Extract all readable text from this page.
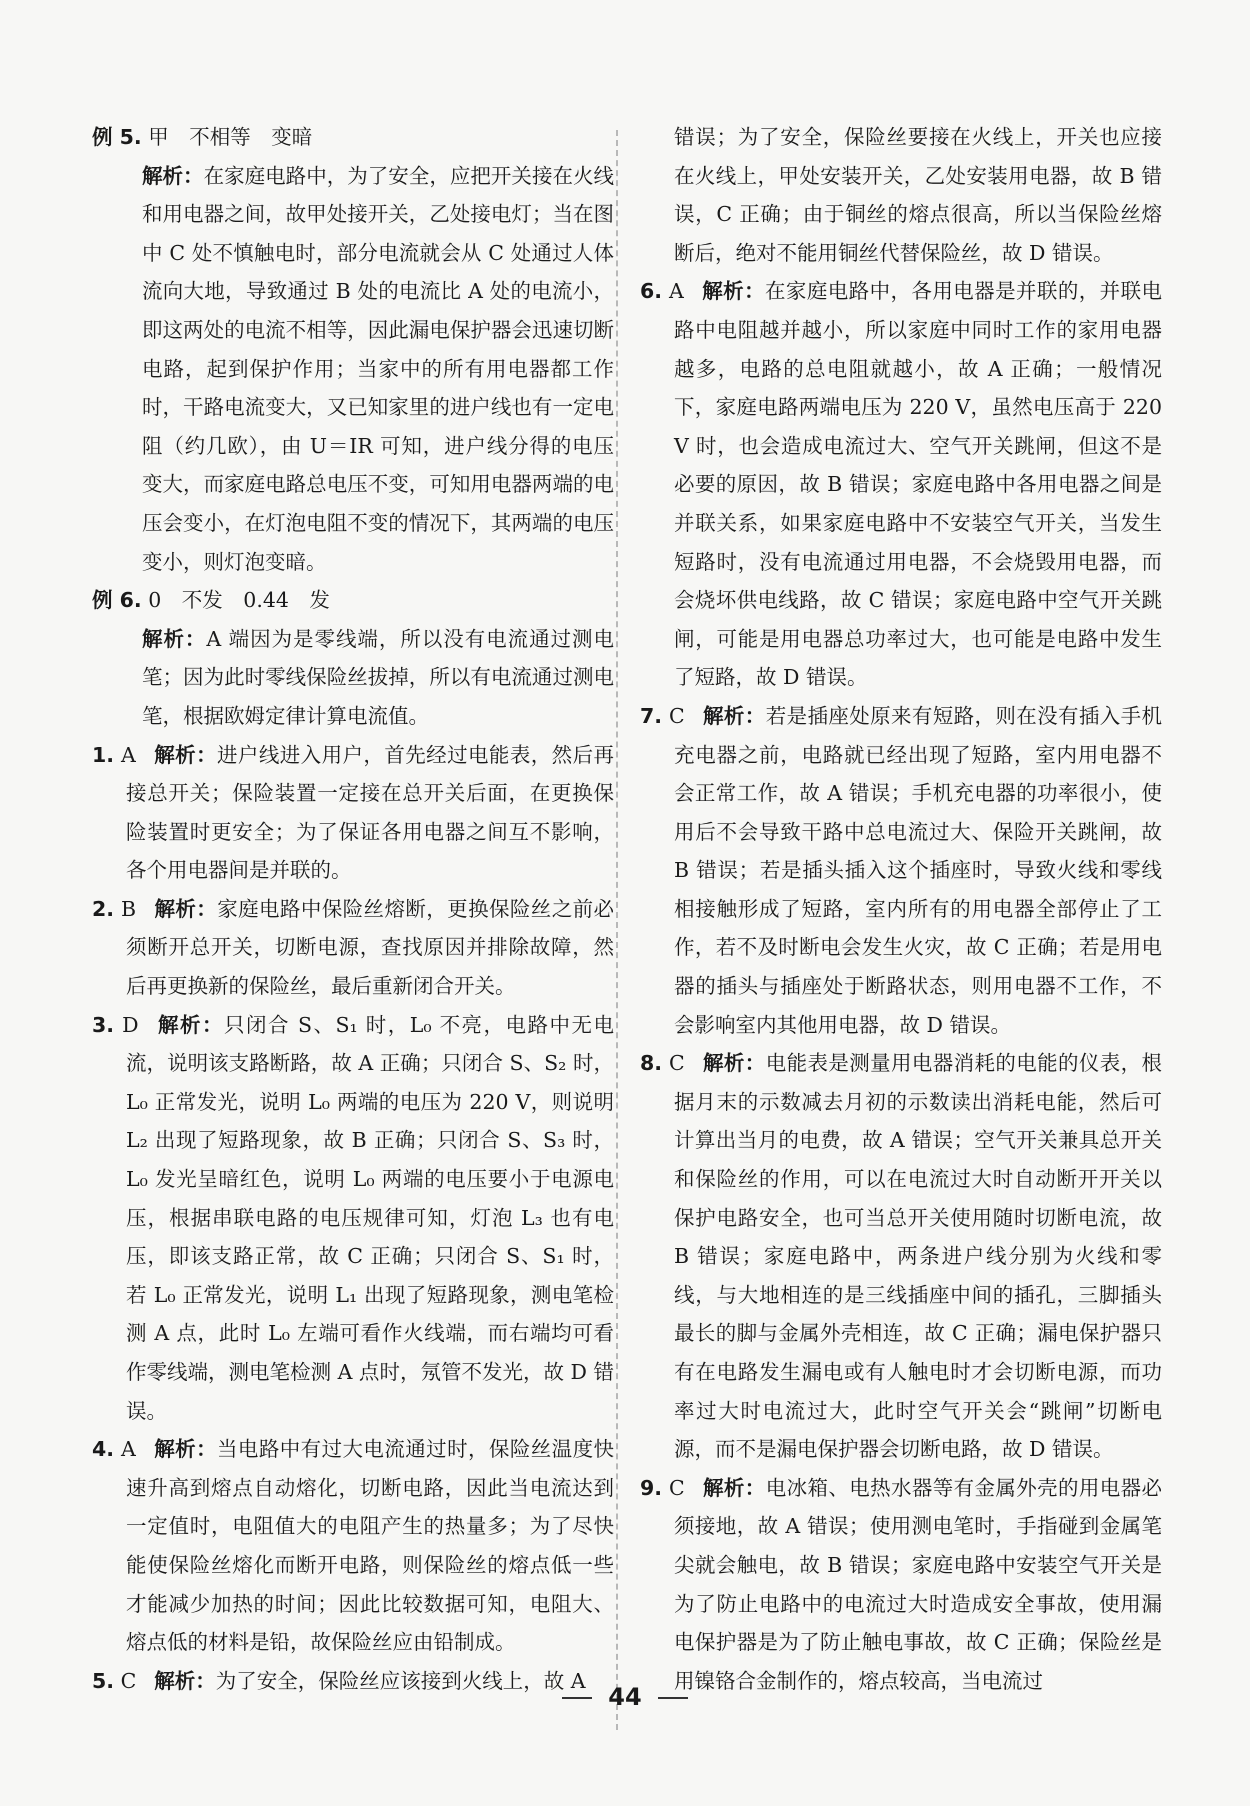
例 5. 甲　不相等　变暗

解析：在家庭电路中，为了安全，应把开关接在火线和用电器之间，故甲处接开关，乙处接电灯；当在图中 C 处不慎触电时，部分电流就会从 C 处通过人体流向大地，导致通过 B 处的电流比 A 处的电流小，即这两处的电流不相等，因此漏电保护器会迅速切断电路，起到保护作用；当家中的所有用电器都工作时，干路电流变大，又已知家里的进户线也有一定电阻（约几欧），由 U＝IR 可知，进户线分得的电压变大，而家庭电路总电压不变，可知用电器两端的电压会变小，在灯泡电阻不变的情况下，其两端的电压变小，则灯泡变暗。

例 6. 0　不发　0.44　发

解析：A 端因为是零线端，所以没有电流通过测电笔；因为此时零线保险丝拔掉，所以有电流通过测电笔，根据欧姆定律计算电流值。

1. A 解析：进户线进入用户，首先经过电能表，然后再接总开关；保险装置一定接在总开关后面，在更换保险装置时更安全；为了保证各用电器之间互不影响，各个用电器间是并联的。

2. B 解析：家庭电路中保险丝熔断，更换保险丝之前必须断开总开关，切断电源，查找原因并排除故障，然后再更换新的保险丝，最后重新闭合开关。

3. D 解析：只闭合 S、S₁ 时，L₀ 不亮，电路中无电流，说明该支路断路，故 A 正确；只闭合 S、S₂ 时，L₀ 正常发光，说明 L₀ 两端的电压为 220 V，则说明 L₂ 出现了短路现象，故 B 正确；只闭合 S、S₃ 时，L₀ 发光呈暗红色，说明 L₀ 两端的电压要小于电源电压，根据串联电路的电压规律可知，灯泡 L₃ 也有电压，即该支路正常，故 C 正确；只闭合 S、S₁ 时，若 L₀ 正常发光，说明 L₁ 出现了短路现象，测电笔检测 A 点，此时 L₀ 左端可看作火线端，而右端均可看作零线端，测电笔检测 A 点时，氖管不发光，故 D 错误。

4. A 解析：当电路中有过大电流通过时，保险丝温度快速升高到熔点自动熔化，切断电路，因此当电流达到一定值时，电阻值大的电阻产生的热量多；为了尽快能使保险丝熔化而断开电路，则保险丝的熔点低一些才能减少加热的时间；因此比较数据可知，电阻大、熔点低的材料是铅，故保险丝应由铅制成。

5. C 解析：为了安全，保险丝应该接到火线上，故 A

错误；为了安全，保险丝要接在火线上，开关也应接在火线上，甲处安装开关，乙处安装用电器，故 B 错误，C 正确；由于铜丝的熔点很高，所以当保险丝熔断后，绝对不能用铜丝代替保险丝，故 D 错误。

6. A 解析：在家庭电路中，各用电器是并联的，并联电路中电阻越并越小，所以家庭中同时工作的家用电器越多，电路的总电阻就越小，故 A 正确；一般情况下，家庭电路两端电压为 220 V，虽然电压高于 220 V 时，也会造成电流过大、空气开关跳闸，但这不是必要的原因，故 B 错误；家庭电路中各用电器之间是并联关系，如果家庭电路中不安装空气开关，当发生短路时，没有电流通过用电器，不会烧毁用电器，而会烧坏供电线路，故 C 错误；家庭电路中空气开关跳闸，可能是用电器总功率过大，也可能是电路中发生了短路，故 D 错误。

7. C 解析：若是插座处原来有短路，则在没有插入手机充电器之前，电路就已经出现了短路，室内用电器不会正常工作，故 A 错误；手机充电器的功率很小，使用后不会导致干路中总电流过大、保险开关跳闸，故 B 错误；若是插头插入这个插座时，导致火线和零线相接触形成了短路，室内所有的用电器全部停止了工作，若不及时断电会发生火灾，故 C 正确；若是用电器的插头与插座处于断路状态，则用电器不工作，不会影响室内其他用电器，故 D 错误。

8. C 解析：电能表是测量用电器消耗的电能的仪表，根据月末的示数减去月初的示数读出消耗电能，然后可计算出当月的电费，故 A 错误；空气开关兼具总开关和保险丝的作用，可以在电流过大时自动断开开关以保护电路安全，也可当总开关使用随时切断电流，故 B 错误；家庭电路中，两条进户线分别为火线和零线，与大地相连的是三线插座中间的插孔，三脚插头最长的脚与金属外壳相连，故 C 正确；漏电保护器只有在电路发生漏电或有人触电时才会切断电源，而功率过大时电流过大，此时空气开关会“跳闸”切断电源，而不是漏电保护器会切断电路，故 D 错误。

9. C 解析：电冰箱、电热水器等有金属外壳的用电器必须接地，故 A 错误；使用测电笔时，手指碰到金属笔尖就会触电，故 B 错误；家庭电路中安装空气开关是为了防止电路中的电流过大时造成安全事故，使用漏电保护器是为了防止触电事故，故 C 正确；保险丝是用镍铬合金制作的，熔点较高，当电流过

44
